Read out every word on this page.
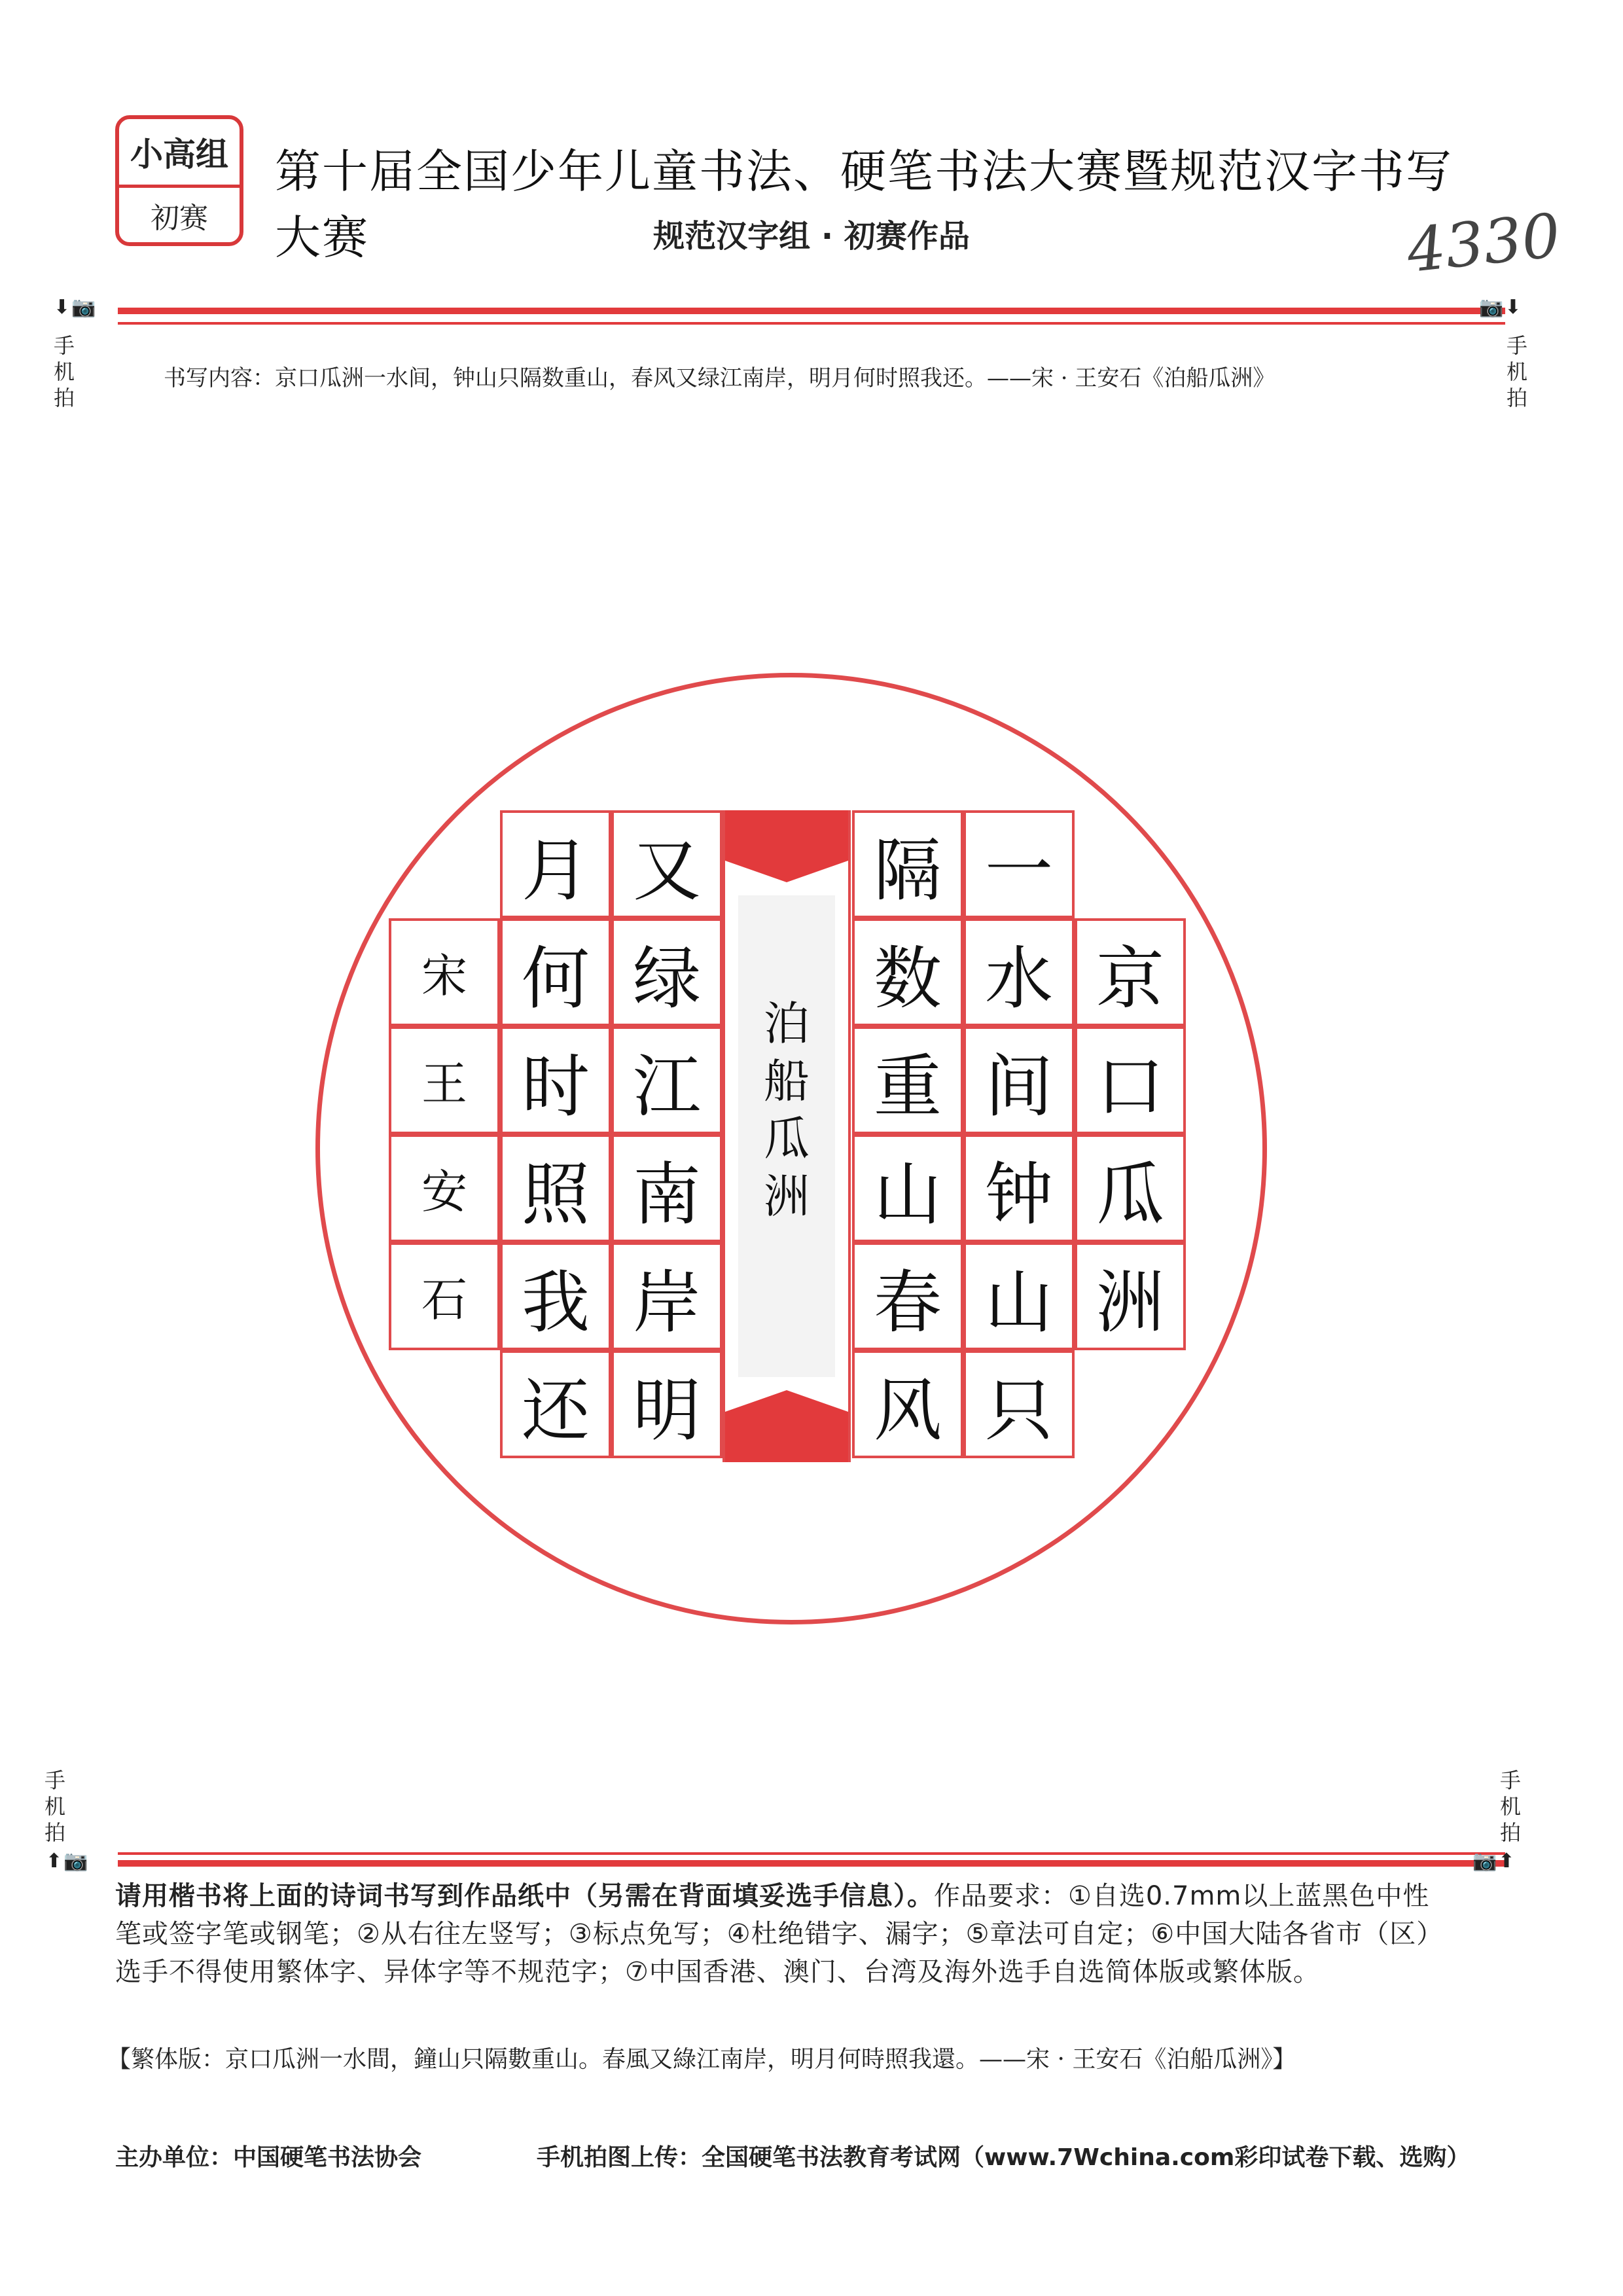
小高组
初赛
第十届全国少年儿童书法、硬笔书法大赛暨规范汉字书写大赛	规范汉字组 · 初赛作品	4330
⬇📷
手机拍
📷⬇
手机拍
书写内容：京口瓜洲一水间，钟山只隔数重山，春风又绿江南岸，明月何时照我还。——宋 · 王安石《泊船瓜洲》
泊船瓜洲
手机拍
⬆📷
手机拍
📷⬆
请用楷书将上面的诗词书写到作品纸中（另需在背面填妥选手信息）。作品要求：①自选0.7mm以上蓝黑色中性笔或签字笔或钢笔；②从右往左竖写；③标点免写；④杜绝错字、漏字；⑤章法可自定；⑥中国大陆各省市（区）选手不得使用繁体字、异体字等不规范字；⑦中国香港、澳门、台湾及海外选手自选简体版或繁体版。
【繁体版：京口瓜洲一水間，鐘山只隔數重山。春風又綠江南岸，明月何時照我還。——宋 · 王安石《泊船瓜洲》】
主办单位：中国硬笔书法协会	手机拍图上传：全国硬笔书法教育考试网（www.7Wchina.com彩印试卷下载、选购）
京
口
瓜
洲
一
水
间
钟
山
只
隔
数
重
山
春
风
又
绿
江
南
岸
明
月
何
时
照
我
还
宋
王
安
石
